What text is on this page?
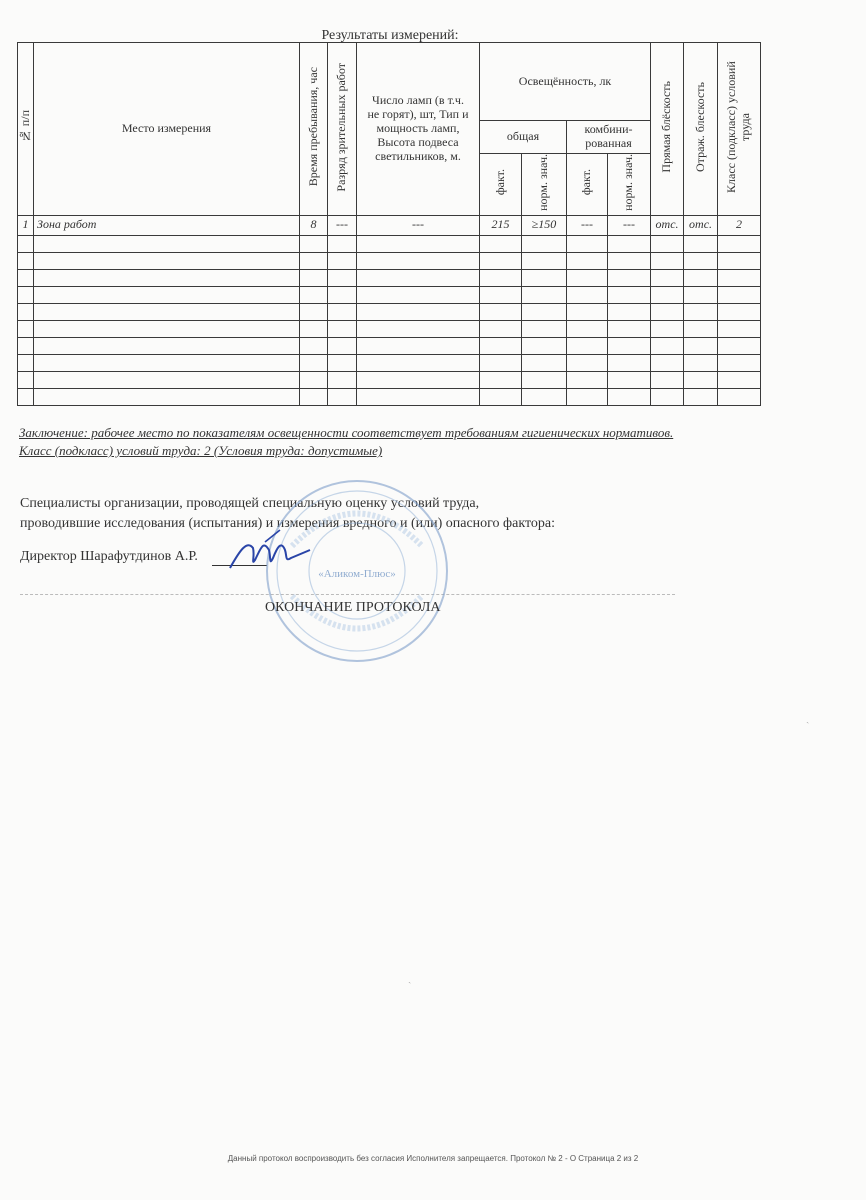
Результаты измерений:
№ п/п	Место измерения	Время пребывания, час	Разряд зрительных работ	Число ламп (в т.ч. не горят), шт, Тип и мощность ламп, Высота подвеса светильников, м.	Освещённость, лк				Прямая блёскость	Отраж. блескость	Класс (подкласс) условий труда
					общая		комбини-рованная				
					факт.	норм. знач.	факт.	норм. знач.			
1	Зона работ	8	---	---	215	≥150	---	---	отс.	отс.	2

Заключение: рабочее место по показателям освещенности соответствует требованиям гигиенических нормативов.
Класс (подкласс) условий труда: 2 (Условия труда: допустимые)
Специалисты организации, проводящей специальную оценку условий труда,
проводившие исследования (испытания) и измерения вредного и (или) опасного фактора:
Директор Шарафутдинов А.Р.
«Аликом-Плюс»
ОКОНЧАНИЕ ПРОТОКОЛА
ˎ
ˎ
Данный протокол воспроизводить без согласия Исполнителя запрещается. Протокол № 2 - О Страница 2 из 2
